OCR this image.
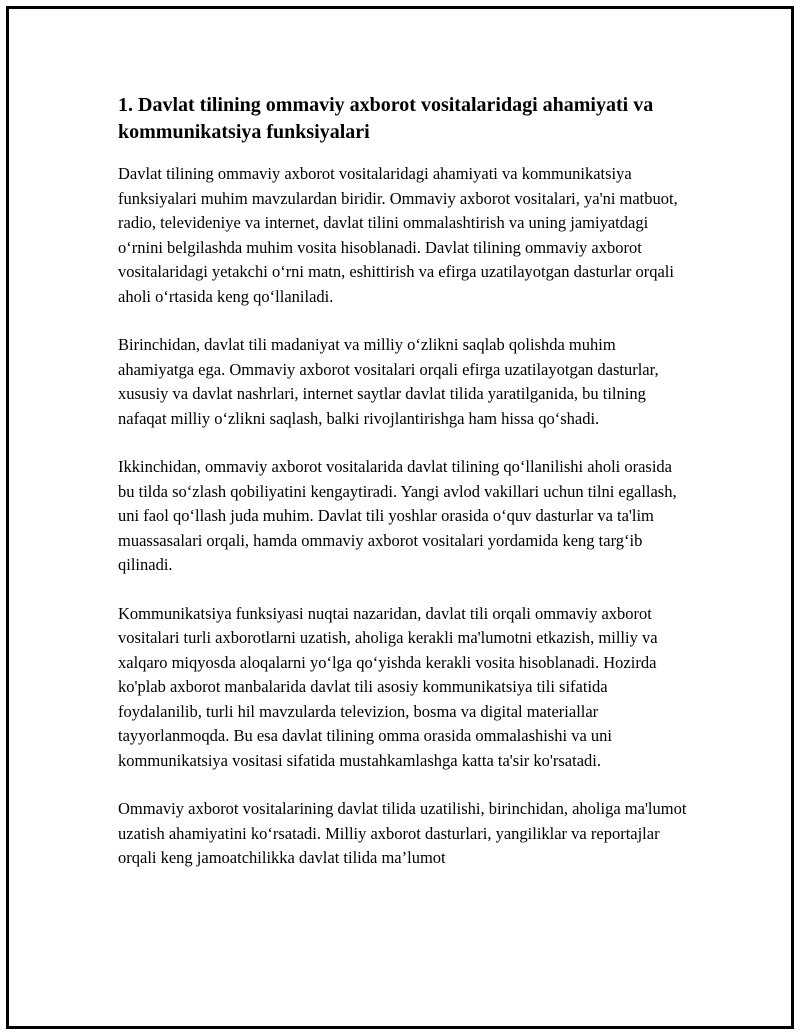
1. Davlat tilining ommaviy axborot vositalaridagi ahamiyati va kommunikatsiya funksiyalari

Davlat tilining ommaviy axborot vositalaridagi ahamiyati va kommunikatsiya funksiyalari muhim mavzulardan biridir. Ommaviy axborot vositalari, ya'ni matbuot, radio, televideniye va internet, davlat tilini ommalashtirish va uning jamiyatdagi o‘rnini belgilashda muhim vosita hisoblanadi. Davlat tilining ommaviy axborot vositalaridagi yetakchi o‘rni matn, eshittirish va efirga uzatilayotgan dasturlar orqali aholi o‘rtasida keng qo‘llaniladi.

Birinchidan, davlat tili madaniyat va milliy o‘zlikni saqlab qolishda muhim ahamiyatga ega. Ommaviy axborot vositalari orqali efirga uzatilayotgan dasturlar, xususiy va davlat nashrlari, internet saytlar davlat tilida yaratilganida, bu tilning nafaqat milliy o‘zlikni saqlash, balki rivojlantirishga ham hissa qo‘shadi.

Ikkinchidan, ommaviy axborot vositalarida davlat tilining qo‘llanilishi aholi orasida bu tilda so‘zlash qobiliyatini kengaytiradi. Yangi avlod vakillari uchun tilni egallash, uni faol qo‘llash juda muhim. Davlat tili yoshlar orasida o‘quv dasturlar va ta'lim muassasalari orqali, hamda ommaviy axborot vositalari yordamida keng targ‘ib qilinadi.

Kommunikatsiya funksiyasi nuqtai nazaridan, davlat tili orqali ommaviy axborot vositalari turli axborotlarni uzatish, aholiga kerakli ma'lumotni etkazish, milliy va xalqaro miqyosda aloqalarni yo‘lga qo‘yishda kerakli vosita hisoblanadi. Hozirda ko'plab axborot manbalarida davlat tili asosiy kommunikatsiya tili sifatida foydalanilib, turli hil mavzularda televizion, bosma va digital materiallar tayyorlanmoqda. Bu esa davlat tilining omma orasida ommalashishi va uni kommunikatsiya vositasi sifatida mustahkamlashga katta ta'sir ko'rsatadi.

Ommaviy axborot vositalarining davlat tilida uzatilishi, birinchidan, aholiga ma'lumot uzatish ahamiyatini ko‘rsatadi. Milliy axborot dasturlari, yangiliklar va reportajlar orqali keng jamoatchilikka davlat tilida ma’lumot
